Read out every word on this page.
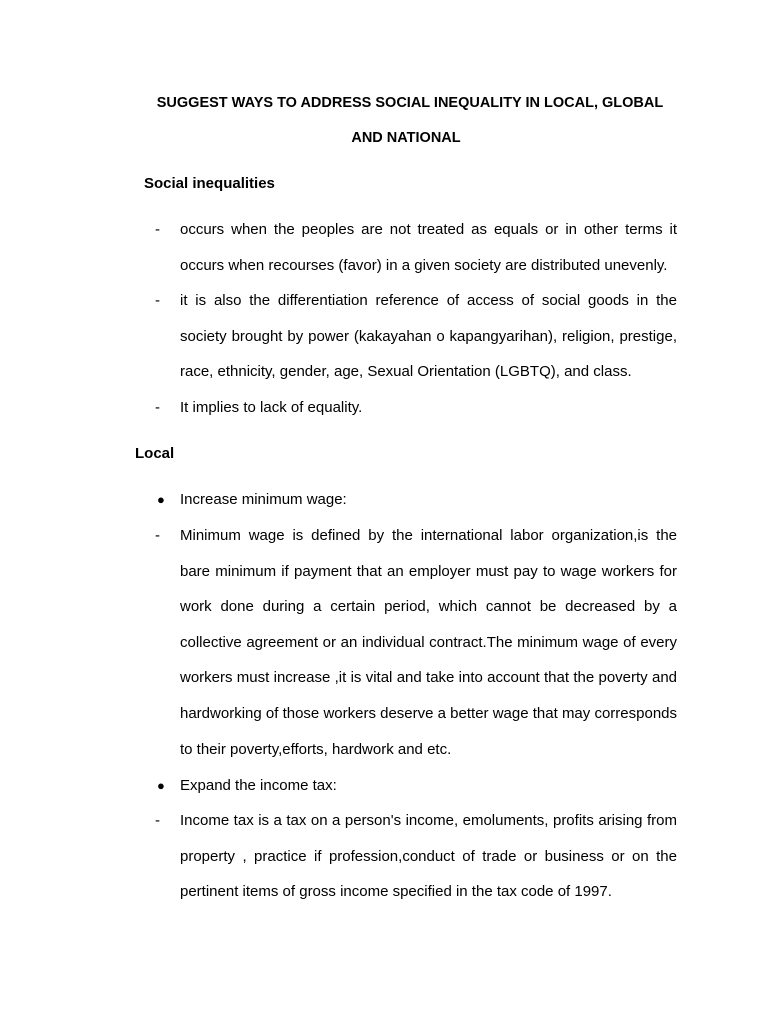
SUGGEST WAYS TO ADDRESS SOCIAL INEQUALITY IN LOCAL, GLOBAL
AND NATIONAL
Social inequalities
-	occurs when the peoples are not treated as equals or in other terms it occurs when recourses (favor) in a given society are distributed unevenly.
-	it is also the differentiation reference of access of social goods in the society brought by power (kakayahan o kapangyarihan), religion, prestige, race, ethnicity, gender, age, Sexual Orientation (LGBTQ), and class.
-	It implies to lack of equality.
Local
●	Increase minimum wage:
-	Minimum wage is defined by the international labor organization,is the bare minimum if payment that an employer must pay to wage workers for work done during a certain period, which cannot be decreased by a collective agreement or an individual contract.The minimum wage of every workers must increase ,it is vital and take into account that the poverty and hardworking of those workers deserve a better wage that may corresponds to their poverty,efforts, hardwork and etc.
●	Expand the income tax:
-	Income tax is a tax on a person's income, emoluments, profits arising from property , practice if profession,conduct of trade or business or on the pertinent items of gross income specified in the tax code of 1997.
